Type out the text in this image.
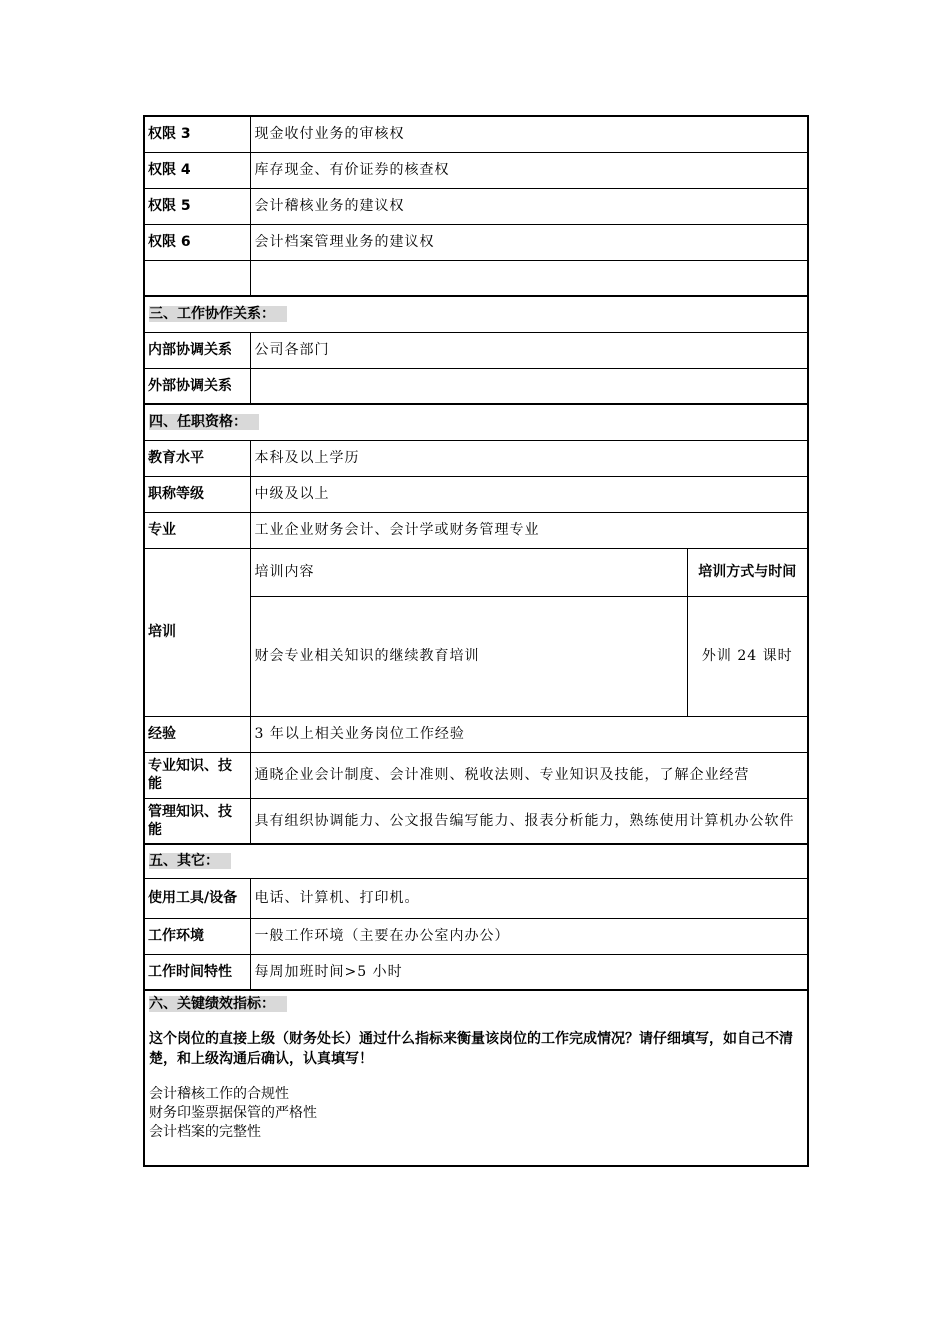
权限 3	现金收付业务的审核权	
权限 4	库存现金、有价证券的核查权	
权限 5	会计稽核业务的建议权	
权限 6	会计档案管理业务的建议权	

三、工作协作关系：		
内部协调关系	公司各部门	
外部协调关系		
四、任职资格：		
教育水平	本科及以上学历	
职称等级	中级及以上	
专业	工业企业财务会计、会计学或财务管理专业	
培训	培训内容	培训方式与时间
	财会专业相关知识的继续教育培训	外训 24 课时
经验	3 年以上相关业务岗位工作经验	
专业知识、技能	通晓企业会计制度、会计准则、税收法则、专业知识及技能，了解企业经营	
管理知识、技能	具有组织协调能力、公文报告编写能力、报表分析能力，熟练使用计算机办公软件	
五、其它：		
使用工具/设备	电话、计算机、打印机。	
工作环境	一般工作环境（主要在办公室内办公）	
工作时间特性	每周加班时间>5 小时	

六、关键绩效指标：
这个岗位的直接上级（财务处长）通过什么指标来衡量该岗位的工作完成情况？请仔细填写，如自己不清楚，和上级沟通后确认，认真填写！
会计稽核工作的合规性
财务印鉴票据保管的严格性
会计档案的完整性		
